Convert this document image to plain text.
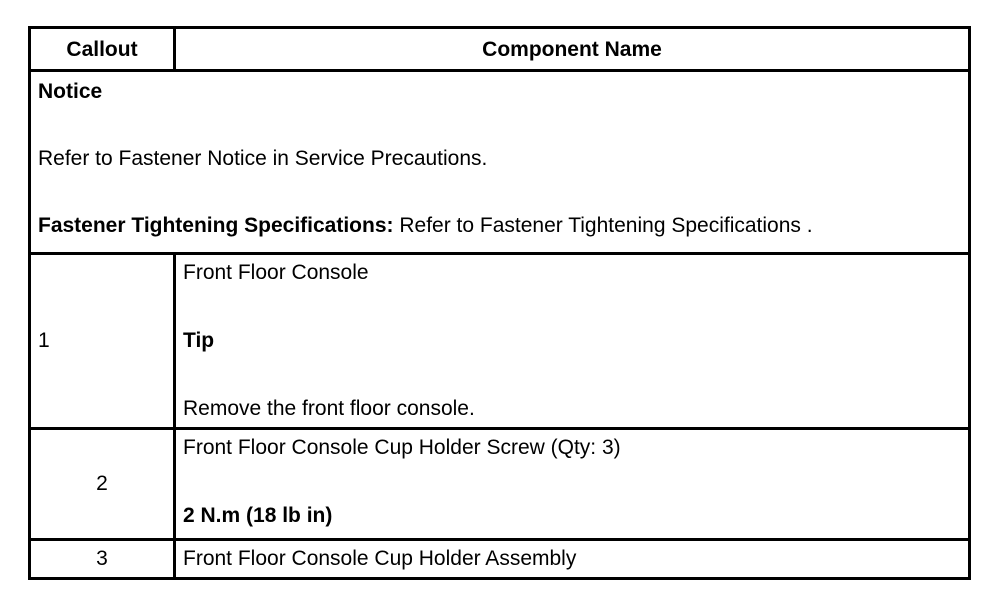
Callout	Component Name

Notice

Refer to Fastener Notice in Service Precautions.

Fastener Tightening Specifications: Refer to Fastener Tightening Specifications .	

1	Front Floor Console

Tip

Remove the front floor console.

2	Front Floor Console Cup Holder Screw (Qty: 3)

2 N.m (18 lb in)

3	Front Floor Console Cup Holder Assembly
